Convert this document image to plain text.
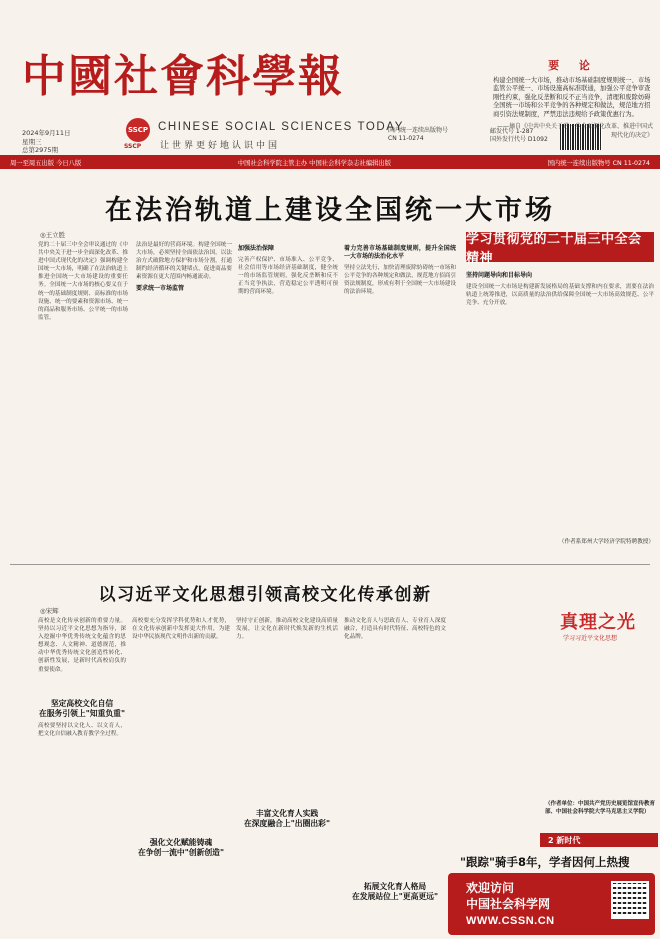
中國社會科學報
2024年9月11日
星期三
总第2975期
SSCP
SSCP
CHINESE SOCIAL SCIENCES TODAY
让世界更好地认识中国
国内统一连续出版物号
CN 11-0274
邮发代号 1-287
国外发行代号 D1092
要 论
构建全国统一大市场，推动市场基础制度规则统一、市场监管公平统一、市场设施高标准联通，加强公平竞争审查刚性约束，强化反垄断和反不正当竞争，清理和废除妨碍全国统一市场和公平竞争的各种规定和做法，规范地方招商引资法规制度，严禁违法违规给予政策优惠行为。
——摘自《中共中央关于进一步全面深化改革、推进中国式现代化的决定》
周一至周五出版 今日八版	中国社会科学院主管主办 中国社会科学杂志社编辑出版	国内统一连续出版物号 CN 11-0274
在法治轨道上建设全国统一大市场
◎王立胜	学习贯彻党的二十届三中全会精神
党的二十届三中全会审议通过的《中共中央关于进一步全面深化改革、推进中国式现代化的决定》强调构建全国统一大市场，明确了在法治轨道上推进全国统一大市场建设的重要任务。全国统一大市场的核心要义在于统一的基础制度规则、高标准的市场设施、统一的要素和资源市场、统一的商品和服务市场、公平统一的市场监管。
法治是最好的营商环境。构建全国统一大市场，必须坚持全面依法治国，以法治方式破除地方保护和市场分割，打通制约经济循环的关键堵点，促进商品要素资源在更大范围内畅通流动。
要求统一市场监管
加强法治保障
完善产权保护、市场准入、公平竞争、社会信用等市场经济基础制度，健全统一的市场监管规则，强化反垄断和反不正当竞争执法，营造稳定公平透明可预期的营商环境。
着力完善市场基础制度规则，提升全国统一大市场的法治化水平
坚持立法先行，加快清理废除妨碍统一市场和公平竞争的各种规定和做法，规范地方招商引资法规制度，形成有利于全国统一大市场建设的法治环境。
坚持问题导向和目标导向
建设全国统一大市场是构建新发展格局的基础支撑和内在要求，需要在法治轨道上统筹推进，以高质量的法治供给保障全国统一大市场高效规范、公平竞争、充分开放。
（作者系郑州大学经济学院特聘教授）
以习近平文化思想引领高校文化传承创新
◎宋辉
高校是文化传承创新的重要力量。坚持以习近平文化思想为指导，深入挖掘中华优秀传统文化蕴含的思想观念、人文精神、道德规范，推动中华优秀传统文化创造性转化、创新性发展，是新时代高校肩负的重要使命。
坚定高校文化自信
在服务引领上"知重负重"
高校要坚持以文化人、以文育人，把文化自信融入教育教学全过程。
高校要充分发挥学科优势和人才优势，在文化传承创新中发挥更大作用，为建设中华民族现代文明作出新的贡献。
强化文化赋能铸魂
在争创一流中"创新创造"
坚持守正创新，推动高校文化建设高质量发展，让文化在新时代焕发新的生机活力。
丰富文化育人实践
在深度融合上"出圈出彩"
推动文化育人与思政育人、专业育人深度融合，打造具有时代特征、高校特色的文化品牌。
拓展文化育人格局
在发展站位上"更高更远"
真理之光
学习习近平文化思想
（作者单位：中国共产党历史展览馆宣传教育部、中国社会科学院大学马克思主义学院）
2 新时代
"跟踪"骑手8年，学者因何上热搜
欢迎访问
中国社会科学网
WWW.CSSN.CN
